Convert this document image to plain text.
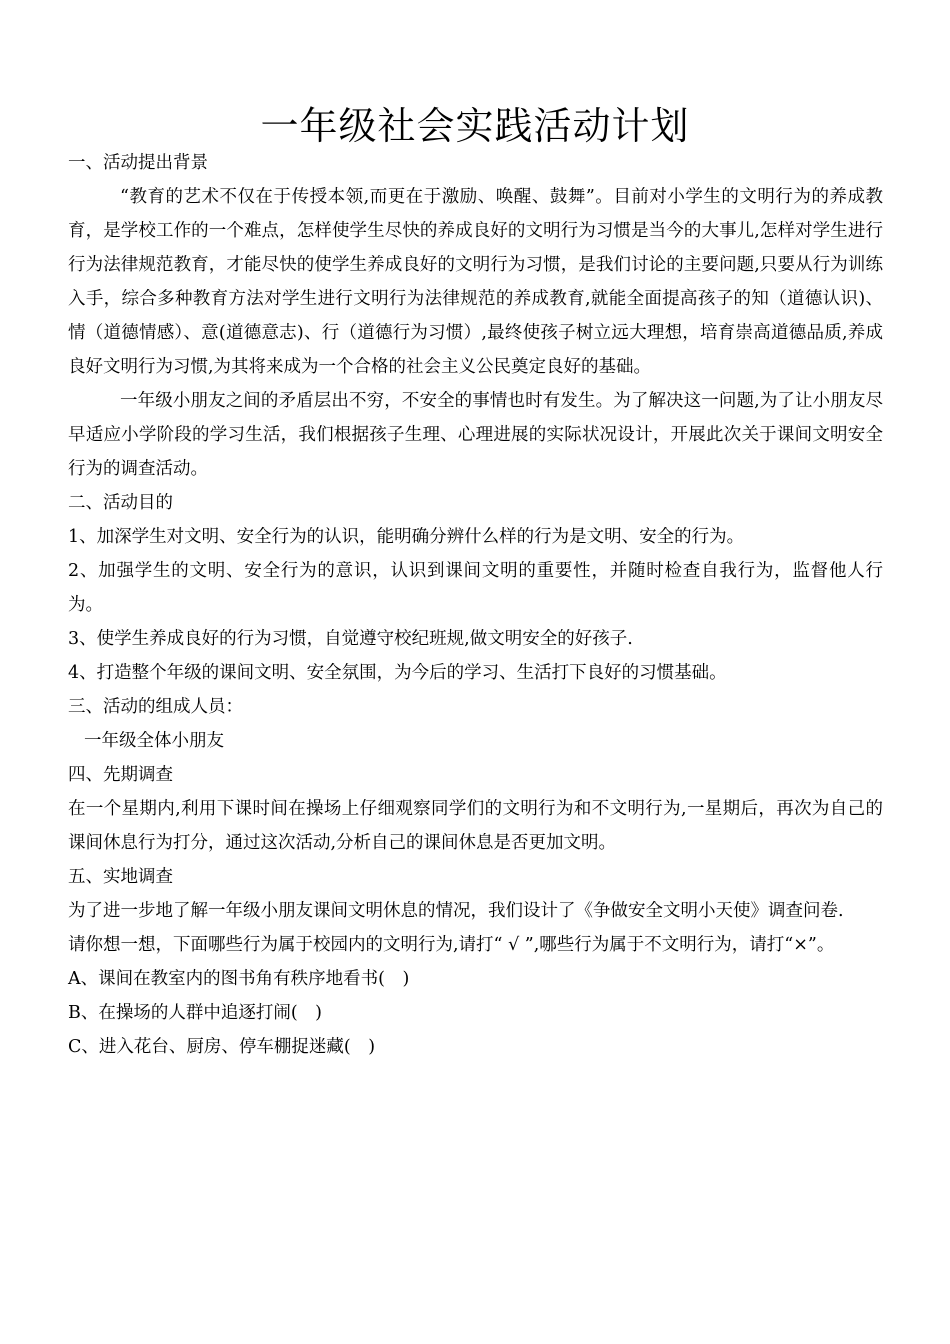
一年级社会实践活动计划

一、活动提出背景

“教育的艺术不仅在于传授本领,而更在于激励、唤醒、鼓舞”。目前对小学生的文明行为的养成教育，是学校工作的一个难点，怎样使学生尽快的养成良好的文明行为习惯是当今的大事儿,怎样对学生进行行为法律规范教育，才能尽快的使学生养成良好的文明行为习惯，是我们讨论的主要问题,只要从行为训练入手，综合多种教育方法对学生进行文明行为法律规范的养成教育,就能全面提高孩子的知（道德认识)、情（道德情感）、意(道德意志)、行（道德行为习惯）,最终使孩子树立远大理想，培育崇高道德品质,养成良好文明行为习惯,为其将来成为一个合格的社会主义公民奠定良好的基础。

一年级小朋友之间的矛盾层出不穷，不安全的事情也时有发生。为了解决这一问题,为了让小朋友尽早适应小学阶段的学习生活，我们根据孩子生理、心理进展的实际状况设计，开展此次关于课间文明安全行为的调查活动。

二、活动目的

1、加深学生对文明、安全行为的认识，能明确分辨什么样的行为是文明、安全的行为。

2、加强学生的文明、安全行为的意识，认识到课间文明的重要性，并随时检查自我行为，监督他人行为。

3、使学生养成良好的行为习惯，自觉遵守校纪班规,做文明安全的好孩子.

4、打造整个年级的课间文明、安全氛围，为今后的学习、生活打下良好的习惯基础。

三、活动的组成人员：

一年级全体小朋友

四、先期调查

在一个星期内,利用下课时间在操场上仔细观察同学们的文明行为和不文明行为,一星期后，再次为自己的课间休息行为打分，通过这次活动,分析自己的课间休息是否更加文明。

五、实地调查

为了进一步地了解一年级小朋友课间文明休息的情况，我们设计了《争做安全文明小天使》调查问卷.

请你想一想，下面哪些行为属于校园内的文明行为,请打“ √ ”,哪些行为属于不文明行为，请打“×”。

A、课间在教室内的图书角有秩序地看书(　)

B、在操场的人群中追逐打闹(　)

C、进入花台、厨房、停车棚捉迷藏(　)
